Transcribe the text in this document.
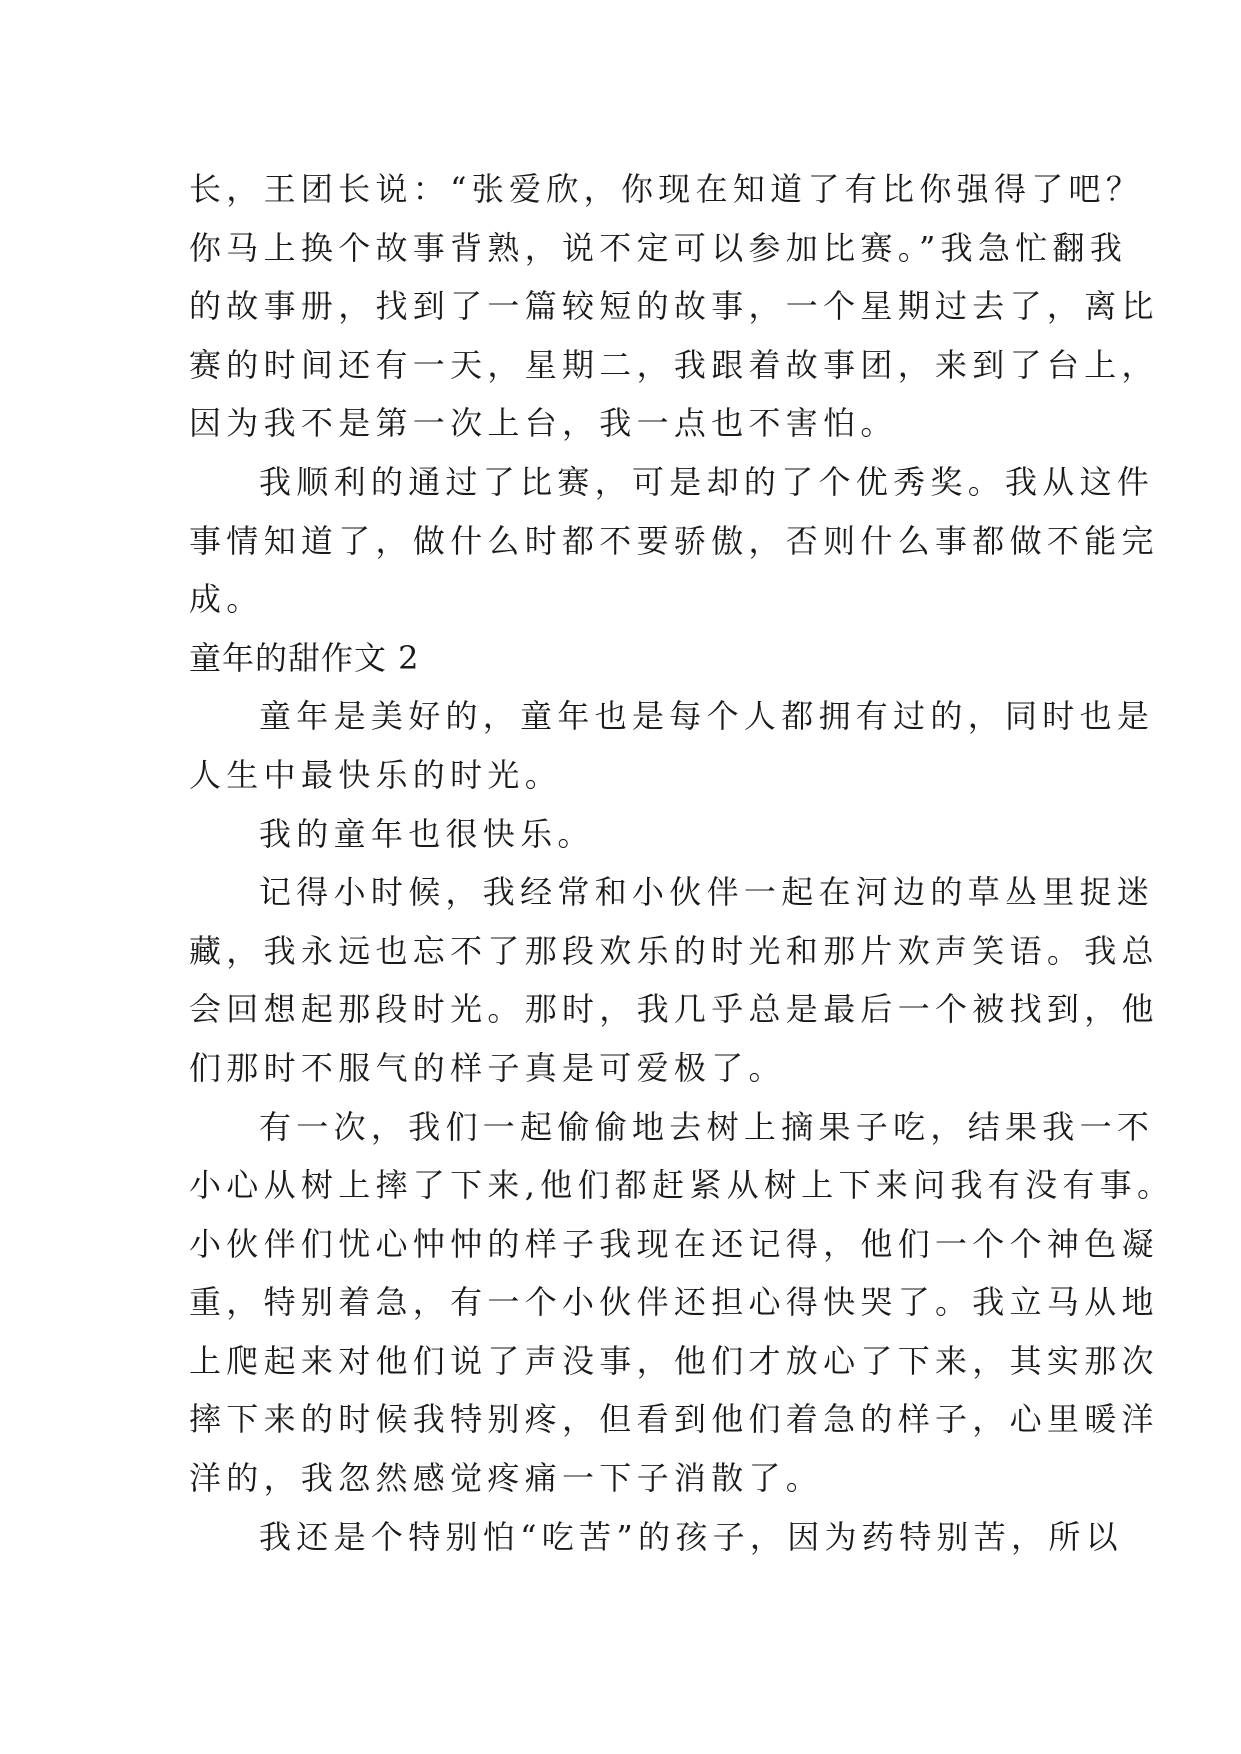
长，王团长说：“张爱欣，你现在知道了有比你强得了吧？
你马上换个故事背熟，说不定可以参加比赛。”我急忙翻我
的故事册，找到了一篇较短的故事，一个星期过去了，离比
赛的时间还有一天，星期二，我跟着故事团，来到了台上，
因为我不是第一次上台，我一点也不害怕。
我顺利的通过了比赛，可是却的了个优秀奖。我从这件
事情知道了，做什么时都不要骄傲，否则什么事都做不能完
成。
童年的甜作文 2
童年是美好的，童年也是每个人都拥有过的，同时也是
人生中最快乐的时光。
我的童年也很快乐。
记得小时候，我经常和小伙伴一起在河边的草丛里捉迷
藏，我永远也忘不了那段欢乐的时光和那片欢声笑语。我总
会回想起那段时光。那时，我几乎总是最后一个被找到，他
们那时不服气的样子真是可爱极了。
有一次，我们一起偷偷地去树上摘果子吃，结果我一不
小心从树上摔了下来,他们都赶紧从树上下来问我有没有事。
小伙伴们忧心忡忡的样子我现在还记得，他们一个个神色凝
重，特别着急，有一个小伙伴还担心得快哭了。我立马从地
上爬起来对他们说了声没事，他们才放心了下来，其实那次
摔下来的时候我特别疼，但看到他们着急的样子，心里暖洋
洋的，我忽然感觉疼痛一下子消散了。
我还是个特别怕“吃苦”的孩子，因为药特别苦，所以
